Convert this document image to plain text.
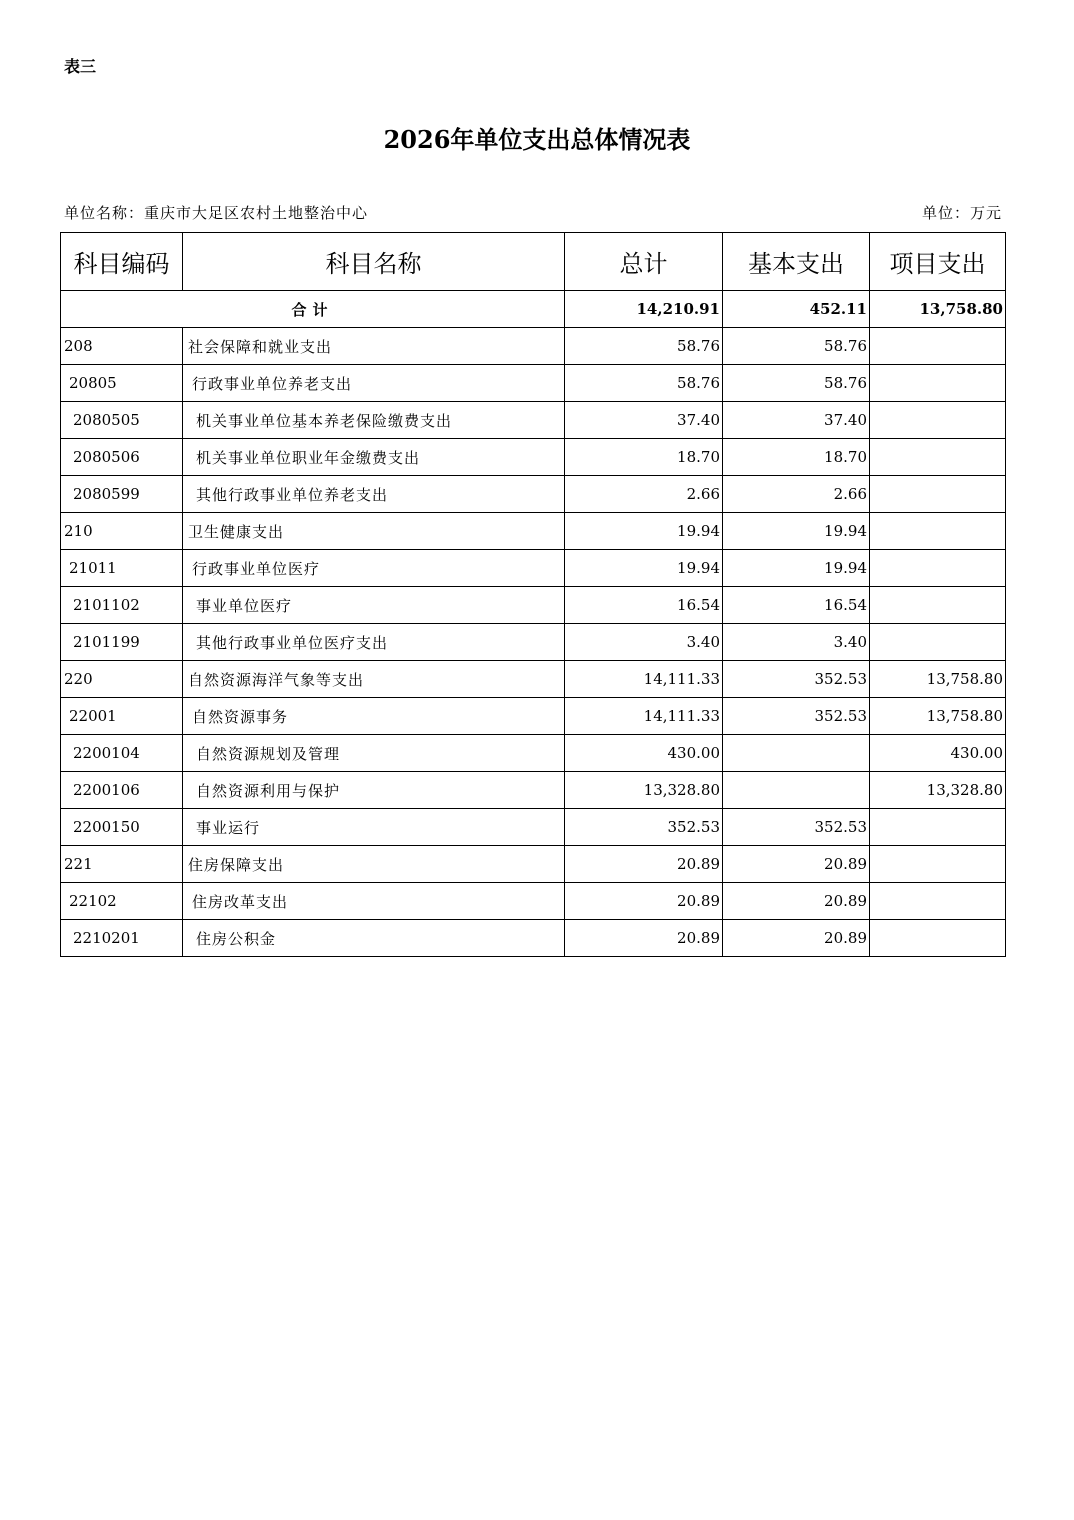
表三
2026年单位支出总体情况表
单位名称：重庆市大足区农村土地整治中心	单位：万元
科目编码	科目名称	总计	基本支出	项目支出
合计		14,210.91	452.11	13,758.80
208	社会保障和就业支出	58.76	58.76	
20805	行政事业单位养老支出	58.76	58.76	
2080505	机关事业单位基本养老保险缴费支出	37.40	37.40	
2080506	机关事业单位职业年金缴费支出	18.70	18.70	
2080599	其他行政事业单位养老支出	2.66	2.66	
210	卫生健康支出	19.94	19.94	
21011	行政事业单位医疗	19.94	19.94	
2101102	事业单位医疗	16.54	16.54	
2101199	其他行政事业单位医疗支出	3.40	3.40	
220	自然资源海洋气象等支出	14,111.33	352.53	13,758.80
22001	自然资源事务	14,111.33	352.53	13,758.80
2200104	自然资源规划及管理	430.00		430.00
2200106	自然资源利用与保护	13,328.80		13,328.80
2200150	事业运行	352.53	352.53	
221	住房保障支出	20.89	20.89	
22102	住房改革支出	20.89	20.89	
2210201	住房公积金	20.89	20.89	
